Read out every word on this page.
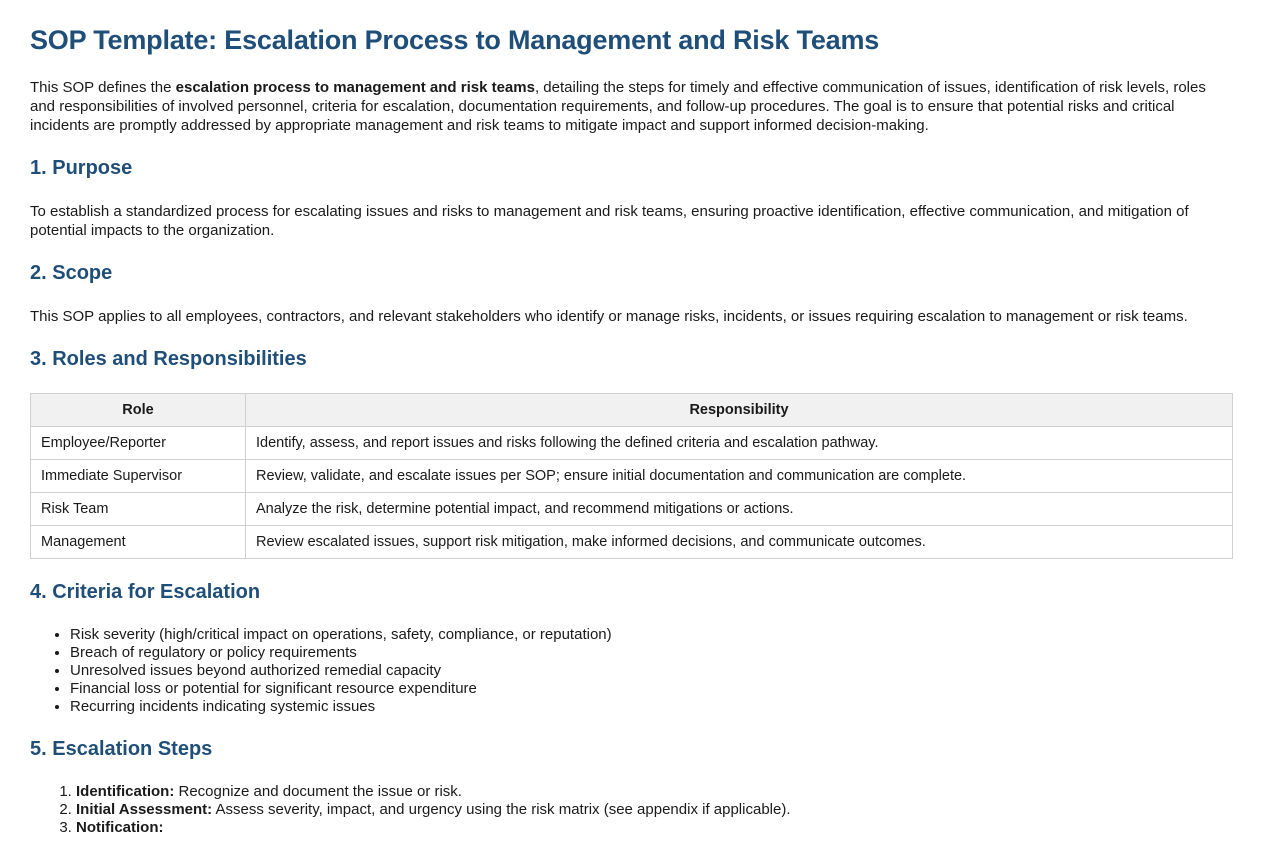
SOP Template: Escalation Process to Management and Risk Teams

This SOP defines the escalation process to management and risk teams, detailing the steps for timely and effective communication of issues, identification of risk levels, roles and responsibilities of involved personnel, criteria for escalation, documentation requirements, and follow-up procedures. The goal is to ensure that potential risks and critical incidents are promptly addressed by appropriate management and risk teams to mitigate impact and support informed decision-making.

1. Purpose

To establish a standardized process for escalating issues and risks to management and risk teams, ensuring proactive identification, effective communication, and mitigation of potential impacts to the organization.

2. Scope

This SOP applies to all employees, contractors, and relevant stakeholders who identify or manage risks, incidents, or issues requiring escalation to management or risk teams.

3. Roles and Responsibilities
Role	Responsibility
Employee/Reporter	Identify, assess, and report issues and risks following the defined criteria and escalation pathway.
Immediate Supervisor	Review, validate, and escalate issues per SOP; ensure initial documentation and communication are complete.
Risk Team	Analyze the risk, determine potential impact, and recommend mitigations or actions.
Management	Review escalated issues, support risk mitigation, make informed decisions, and communicate outcomes.
4. Criteria for Escalation
• Risk severity (high/critical impact on operations, safety, compliance, or reputation)
• Breach of regulatory or policy requirements
• Unresolved issues beyond authorized remedial capacity
• Financial loss or potential for significant resource expenditure
• Recurring incidents indicating systemic issues
5. Escalation Steps
1. Identification: Recognize and document the issue or risk.
2. Initial Assessment: Assess severity, impact, and urgency using the risk matrix (see appendix if applicable).
3. Notification:
